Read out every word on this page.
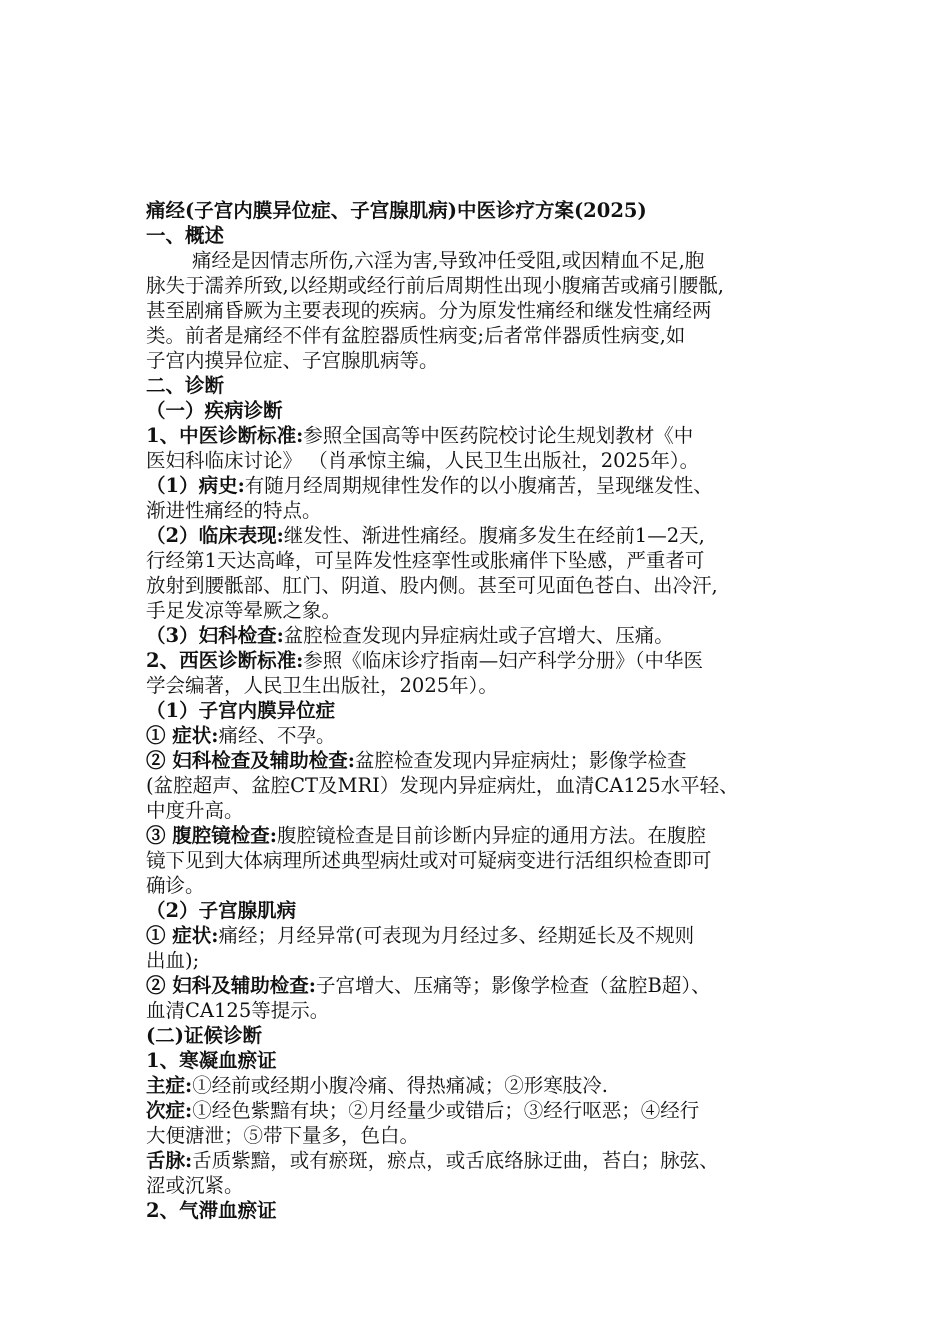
痛经(子宫内膜异位症、子宫腺肌病)中医诊疗方案(2025)
一、概述
痛经是因情志所伤,六淫为害,导致冲任受阻,或因精血不足,胞
脉失于濡养所致,以经期或经行前后周期性出现小腹痛苦或痛引腰骶,
甚至剧痛昏厥为主要表现的疾病。分为原发性痛经和继发性痛经两
类。前者是痛经不伴有盆腔器质性病变;后者常伴器质性病变,如
子宫内摸异位症、子宫腺肌病等。
二、诊断
（一）疾病诊断
1、中医诊断标准:参照全国高等中医药院校讨论生规划教材《中
医妇科临床讨论》 （肖承惊主编，人民卫生出版社，2025年）。
（1）病史:有随月经周期规律性发作的以小腹痛苦，呈现继发性、
渐进性痛经的特点。
（2）临床表现:继发性、渐进性痛经。腹痛多发生在经前1—2天,
行经第1天达高峰，可呈阵发性痉挛性或胀痛伴下坠感，严重者可
放射到腰骶部、肛门、阴道、股内侧。甚至可见面色苍白、出冷汗,
手足发凉等晕厥之象。
（3）妇科检查:盆腔检查发现内异症病灶或子宫增大、压痛。
2、西医诊断标准:参照《临床诊疗指南—妇产科学分册》（中华医
学会编著，人民卫生出版社，2025年）。
（1）子宫内膜异位症
① 症状:痛经、不孕。
② 妇科检查及辅助检查:盆腔检查发现内异症病灶；影像学检查
(盆腔超声、盆腔CT及MRI）发现内异症病灶，血清CA125水平轻、
中度升高。
③ 腹腔镜检查:腹腔镜检查是目前诊断内异症的通用方法。在腹腔
镜下见到大体病理所述典型病灶或对可疑病变进行活组织检查即可
确诊。
（2）子宫腺肌病
① 症状:痛经；月经异常(可表现为月经过多、经期延长及不规则
出血);
② 妇科及辅助检查:子宫增大、压痛等；影像学检查（盆腔B超）、
血清CA125等提示。
(二)证候诊断
1、寒凝血瘀证
主症:①经前或经期小腹冷痛、得热痛减；②形寒肢冷.
次症:①经色紫黯有块；②月经量少或错后；③经行呕恶；④经行
大便溏泄；⑤带下量多，色白。
舌脉:舌质紫黯，或有瘀斑，瘀点，或舌底络脉迂曲，苔白；脉弦、
涩或沉紧。
2、气滞血瘀证
